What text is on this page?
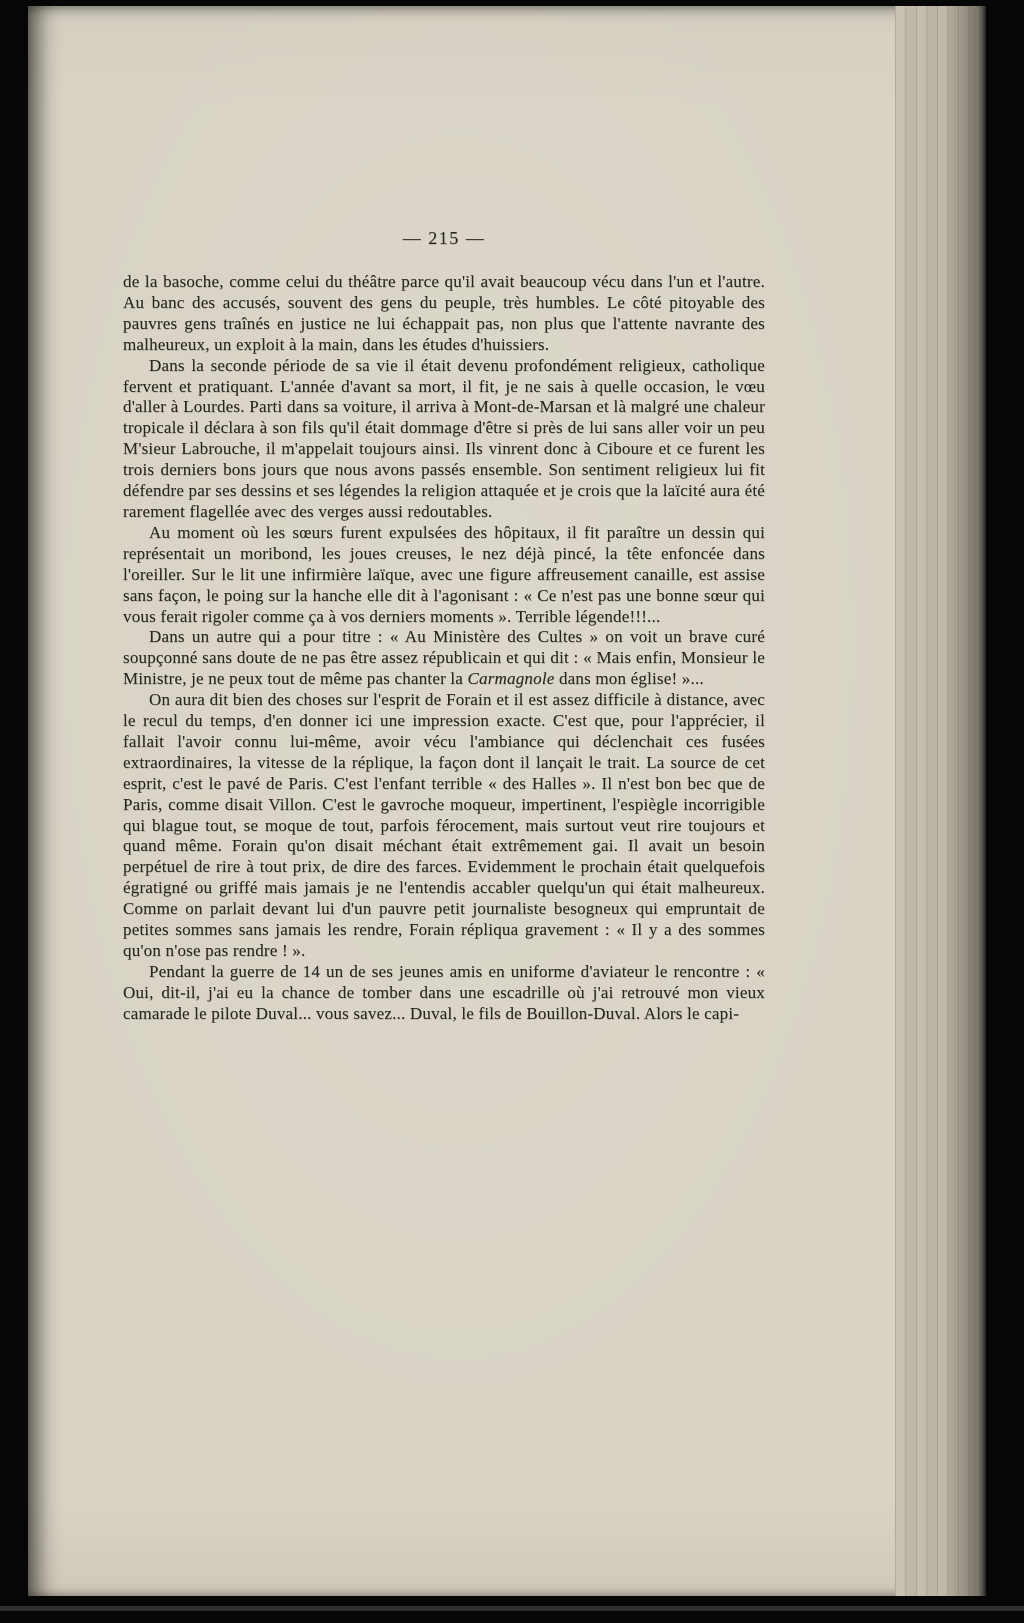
— 215 —

de la basoche, comme celui du théâtre parce qu'il avait beaucoup vécu dans l'un et l'autre. Au banc des accusés, souvent des gens du peuple, très humbles. Le côté pitoyable des pauvres gens traînés en justice ne lui échappait pas, non plus que l'attente navrante des malheureux, un exploit à la main, dans les études d'huissiers.

Dans la seconde période de sa vie il était devenu profondément religieux, catholique fervent et pratiquant. L'année d'avant sa mort, il fit, je ne sais à quelle occasion, le vœu d'aller à Lourdes. Parti dans sa voiture, il arriva à Mont-de-Marsan et là malgré une chaleur tropicale il déclara à son fils qu'il était dommage d'être si près de lui sans aller voir un peu M'sieur Labrouche, il m'appelait toujours ainsi. Ils vinrent donc à Ciboure et ce furent les trois derniers bons jours que nous avons passés ensemble. Son sentiment religieux lui fit défendre par ses dessins et ses légendes la religion attaquée et je crois que la laïcité aura été rarement flagellée avec des verges aussi redoutables.

Au moment où les sœurs furent expulsées des hôpitaux, il fit paraître un dessin qui représentait un moribond, les joues creuses, le nez déjà pincé, la tête enfoncée dans l'oreiller. Sur le lit une infirmière laïque, avec une figure affreusement canaille, est assise sans façon, le poing sur la hanche elle dit à l'agonisant : « Ce n'est pas une bonne sœur qui vous ferait rigoler comme ça à vos derniers moments ». Terrible légende!!!...

Dans un autre qui a pour titre : « Au Ministère des Cultes » on voit un brave curé soupçonné sans doute de ne pas être assez républicain et qui dit : « Mais enfin, Monsieur le Ministre, je ne peux tout de même pas chanter la Carmagnole dans mon église! »...

On aura dit bien des choses sur l'esprit de Forain et il est assez difficile à distance, avec le recul du temps, d'en donner ici une impression exacte. C'est que, pour l'apprécier, il fallait l'avoir connu lui-même, avoir vécu l'ambiance qui déclenchait ces fusées extraordinaires, la vitesse de la réplique, la façon dont il lançait le trait. La source de cet esprit, c'est le pavé de Paris. C'est l'enfant terrible « des Halles ». Il n'est bon bec que de Paris, comme disait Villon. C'est le gavroche moqueur, impertinent, l'espiègle incorrigible qui blague tout, se moque de tout, parfois férocement, mais surtout veut rire toujours et quand même. Forain qu'on disait méchant était extrêmement gai. Il avait un besoin perpétuel de rire à tout prix, de dire des farces. Evidemment le prochain était quelquefois égratigné ou griffé mais jamais je ne l'entendis accabler quelqu'un qui était malheureux. Comme on parlait devant lui d'un pauvre petit journaliste besogneux qui empruntait de petites sommes sans jamais les rendre, Forain répliqua gravement : « Il y a des sommes qu'on n'ose pas rendre ! ».

Pendant la guerre de 14 un de ses jeunes amis en uniforme d'aviateur le rencontre : « Oui, dit-il, j'ai eu la chance de tomber dans une escadrille où j'ai retrouvé mon vieux camarade le pilote Duval... vous savez... Duval, le fils de Bouillon-Duval. Alors le capi-
